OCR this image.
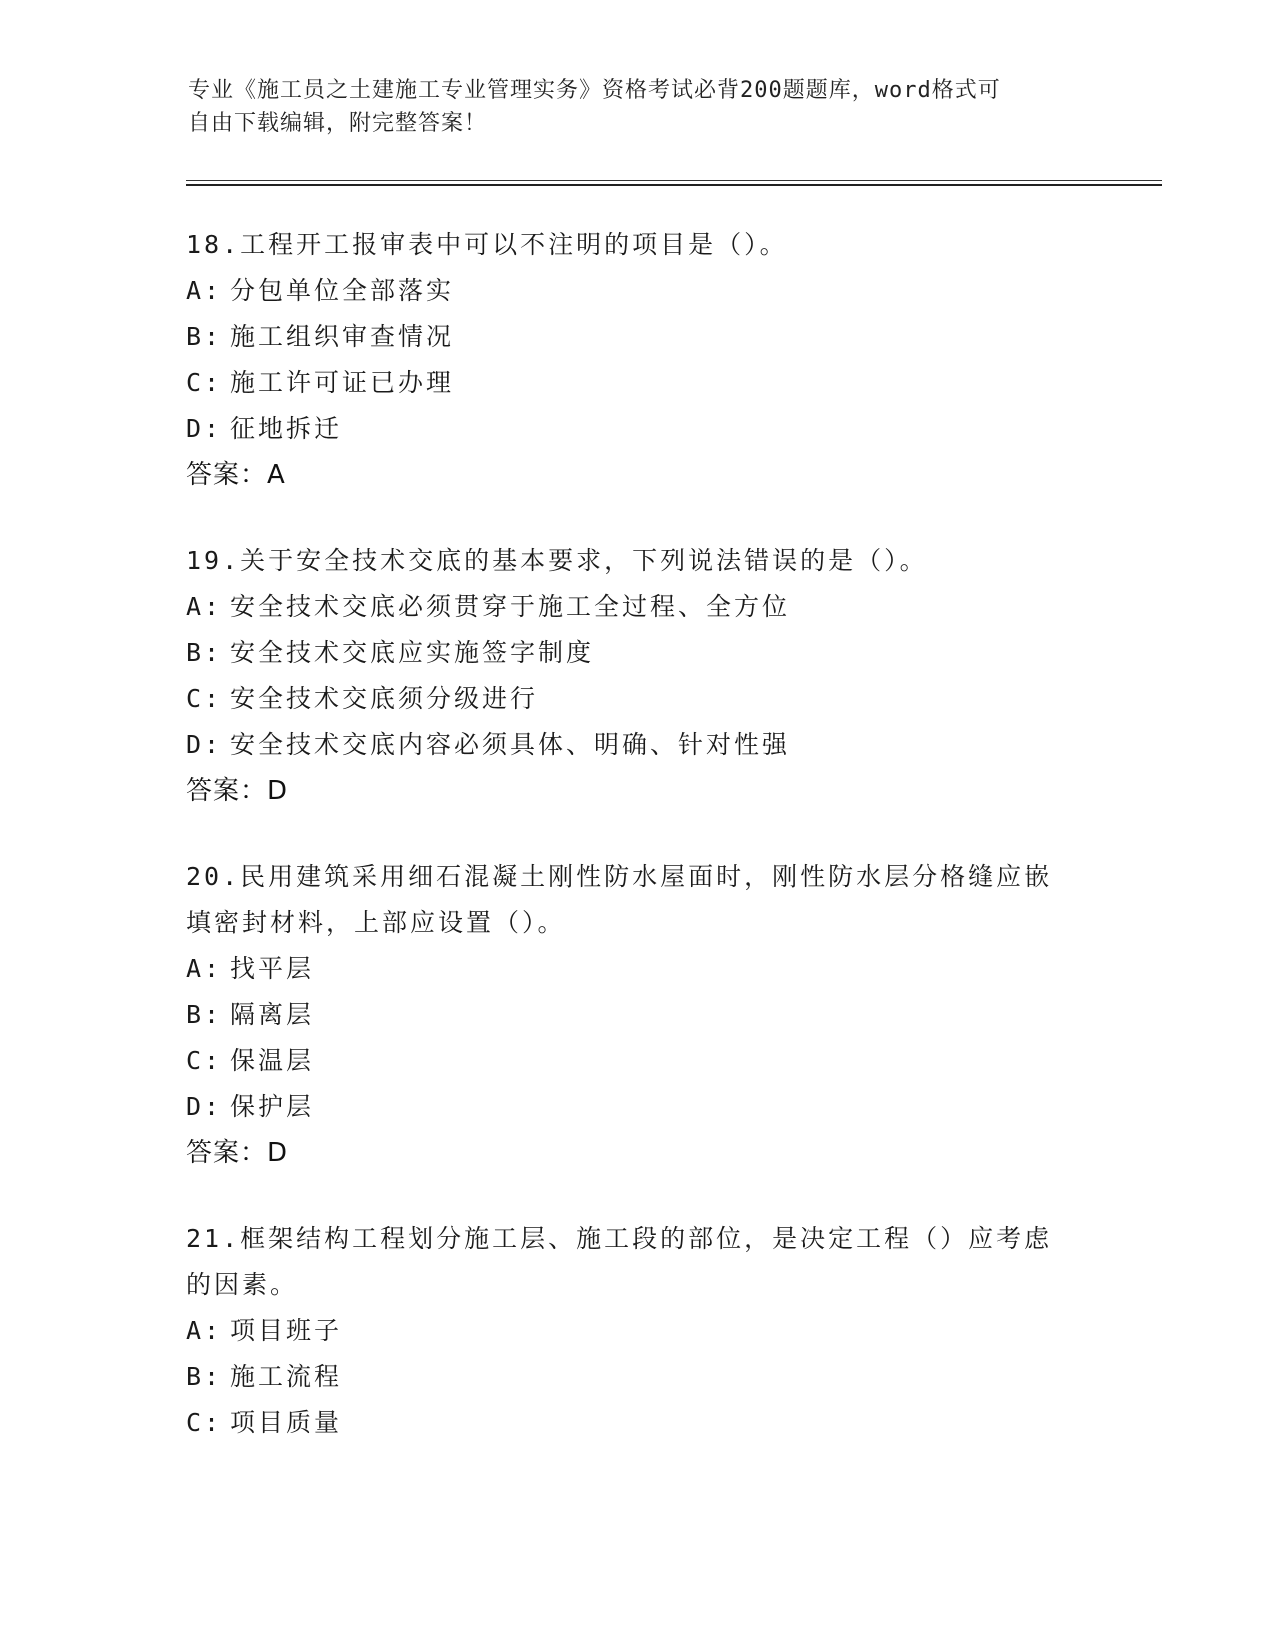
专业《施工员之土建施工专业管理实务》资格考试必背200题题库，word格式可
自由下载编辑，附完整答案！

18.工程开工报审表中可以不注明的项目是（）。

A: 分包单位全部落实

B: 施工组织审查情况

C: 施工许可证已办理

D: 征地拆迁

答案：A

19.关于安全技术交底的基本要求，下列说法错误的是（）。

A: 安全技术交底必须贯穿于施工全过程、全方位

B: 安全技术交底应实施签字制度

C: 安全技术交底须分级进行

D: 安全技术交底内容必须具体、明确、针对性强

答案：D

20.民用建筑采用细石混凝土刚性防水屋面时，刚性防水层分格缝应嵌填密封材料，上部应设置（）。

A: 找平层

B: 隔离层

C: 保温层

D: 保护层

答案：D

21.框架结构工程划分施工层、施工段的部位，是决定工程（）应考虑的因素。

A: 项目班子

B: 施工流程

C: 项目质量
